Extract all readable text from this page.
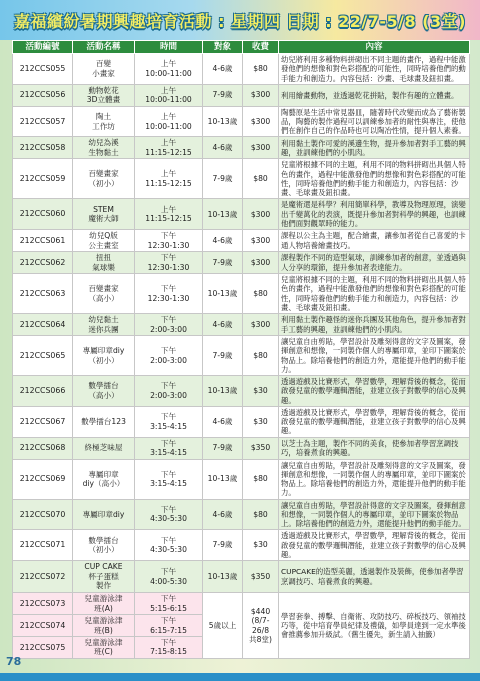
嘉福繽紛暑期興趣培育活動 : 星期四 日期 : 22/7-5/8 (3堂)
活動編號	活動名稱	時間	對象	收費	內容
212CCS055	百變
小畫家	上午
10:00-11:00	4-6歲	$80	幼兒將利用多種物料拼砌出不同主題的畫作，過程中能激發他們的想像和對色彩搭配的可能性，同時培養他們的動手能力和創造力。內容包括：沙畫、毛球畫及鈕扣畫。
212CCS056	動物乾花
3D立體畫	上午
10:00-11:00	7-9歲	$300	利用繪畫動物，並透過乾花拼貼，製作有趣的立體畫。
212CCS057	陶土
工作坊	上午
10:00-11:00	10-13歲	$300	陶藝原是生活中常見器皿，隨著時代改變而成為了藝術製品，陶藝的製作過程可以訓練參加者的耐性與專注，使他們在創作自己的作品時也可以陶冶性情，提升個人素養。
212CCS058	幼兒為溪
生物黏土	上午
11:15-12:15	4-6歲	$300	利用黏土製作可愛的溪邊生物，提升參加者對手工藝的興趣，並訓練他們的小肌肉。
212CCS059	百變畫家
（初小）	上午
11:15-12:15	7-9歲	$80	兒童將根據不同的主題，利用不同的物料拼砌出具個人特色的畫作，過程中能激發他們的想像和對色彩搭配的可能性，同時培養他們的動手能力和創造力，內容包括：沙畫、毛球畫及鈕扣畫。
212CCS060	STEM
魔術大師	上午
11:15-12:15	10-13歲	$300	是魔術還是科學？利用簡單科學，教導及物理原理，演變出千變萬化的表演，既提升參加者對科學的興趣，也訓練他們面對觀眾時的能力。
212CCS061	幼兒Q版
公主畫室	下午
12:30-1:30	4-6歲	$300	課程以公主為主題，配合繪畫，讓參加者從自己喜愛的卡通人物培養繪畫技巧。
212CCS062	扭扭
氣球樂	下午
12:30-1:30	7-9歲	$300	課程製作不同的造型氣球，訓練參加者的創意，並透過與人分享的環節，提升參加者表達能力。
212CCS063	百變畫家
（高小）	下午
12:30-1:30	10-13歲	$80	兒童將根據不同的主題，利用不同的物料拼砌出具個人特色的畫作，過程中能激發他們的想像和對色彩搭配的可能性，同時培養他們的動手能力和創造力，內容包括：沙畫、毛球畫及鈕扣畫。
212CCS064	幼兒黏土
迷你兵團	下午
2:00-3:00	4-6歲	$300	利用黏土製作趣怪的迷你兵團及其他角色，提升參加者對手工藝的興趣，並訓練他們的小肌肉。
212CCS065	專屬印章diy
（初小）	下午
2:00-3:00	7-9歲	$80	讓兒童自由剪貼，學習設計及雕刻得意的文字及圖案，發揮創意和想像，一同製作個人的專屬印章，並印下圖案於物品上。除培養他們的創造力外，還能提升他們的動手能力。
212CCS066	數學擂台
（高小）	下午
2:00-3:00	10-13歲	$30	透過遊戲及比賽形式，學習數學，理解背後的概念，從而啟發兒童的數學邏輯潛能，並建立孩子對數學的信心及興趣。
212CCS067	數學擂台123	下午
3:15-4:15	4-6歲	$30	透過遊戲及比賽形式，學習數學，理解背後的概念，從而啟發兒童的數學邏輯潛能，並建立孩子對數學的信心及興趣。
212CCS068	終極芝味屋	下午
3:15-4:15	7-9歲	$350	以芝士為主題，製作不同的美食，使參加者學習烹調技巧，培養煮食的興趣。
212CCS069	專屬印章
diy（高小）	下午
3:15-4:15	10-13歲	$80	讓兒童自由剪貼，學習設計及雕刻得意的文字及圖案，發揮創意和想像，一同製作個人的專屬印章，並印下圖案於物品上。除培養他們的創造力外，還能提升他們的動手能力。
212CCS070	專屬印章diy	下午
4:30-5:30	4-6歲	$80	讓兒童自由剪貼，學習設計得意的文字及圖案，發揮創意和想像，一同製作個人的專屬印章，並印下圖案於物品上。除培養他們的創造力外，還能提升他們的動手能力。
212CCS071	數學擂台
（初小）	下午
4:30-5:30	7-9歲	$30	透過遊戲及比賽形式，學習數學，理解背後的概念，從而啟發兒童的數學邏輯潛能，並建立孩子對數學的信心及興趣。
212CCS072	CUP CAKE
杯子蛋糕
製作	下午
4:00-5:30	10-13歲	$350	CUPCAKE的造型美麗，透過製作及裝飾，使參加者學習烹調技巧、培養煮食的興趣。
212CCS073	兒童游泳津
班(A)	下午
5:15-6:15	5歲以上	$440
(8/7-26/8
共8堂)	學習套拳、搏擊、自衛術、攻防技巧、碎板技巧、領袖技巧等，從中培育學員紀律及禮儀，如學員達到一定水準後會推薦參加升級試。（舊生優先，新生請入抽籤）
212CCS074	兒童游泳津
班(B)	下午
6:15-7:15			

212CCS075	兒童游泳津
班(C)	下午
7:15-8:15			
78
